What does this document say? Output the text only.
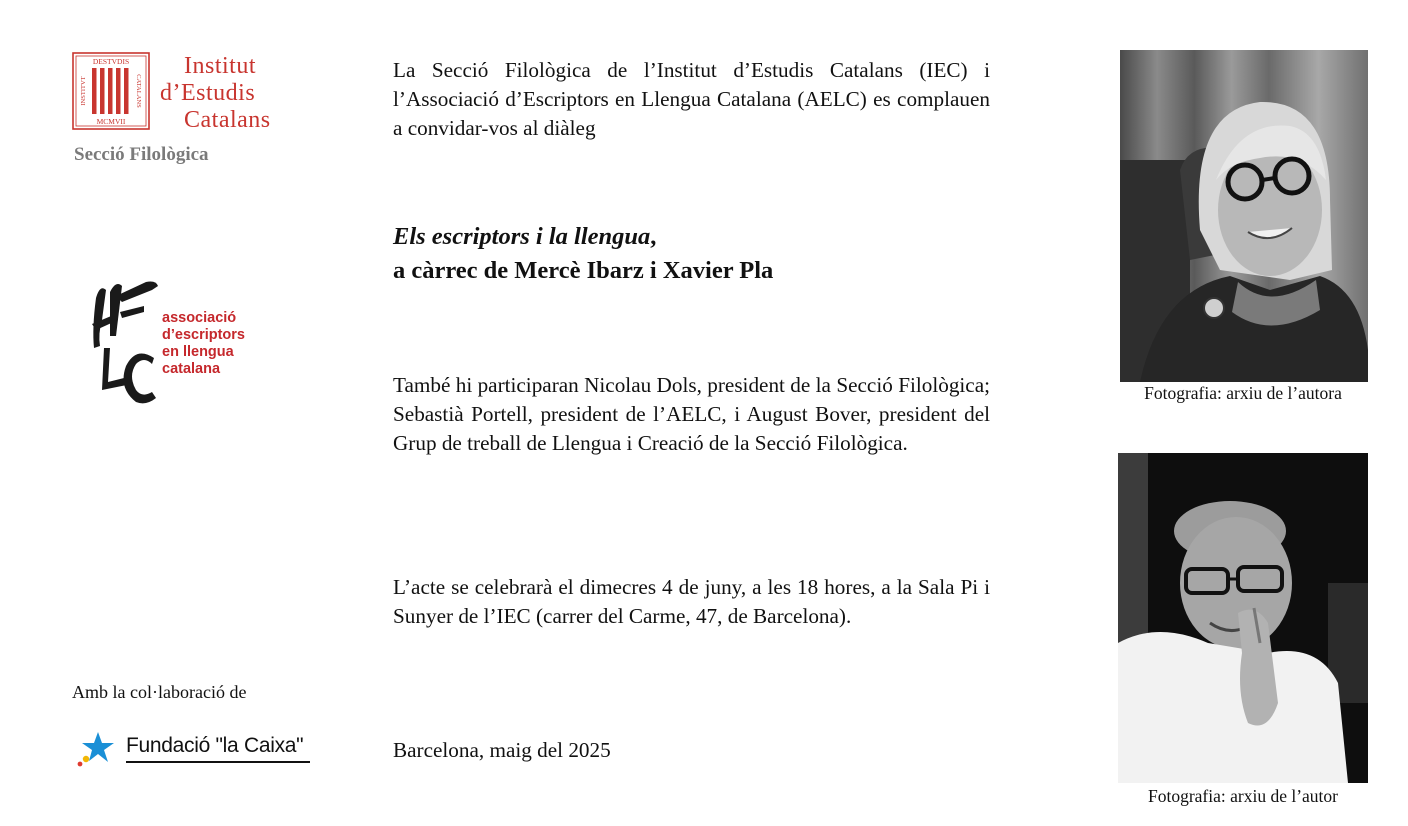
DESTVDIS
MCMVII
INSTITVT	CATALANS
Institut
d’Estudis
Catalans
Secció Filològica
associació
d’escriptors
en llengua
catalana
Amb la col·laboració de
Fundació "la Caixa"
La Secció Filològica de l’Institut d’Estudis Catalans (IEC) i l’Associació d’Escriptors en Llengua Catalana (AELC) es complauen a convidar-vos al diàleg
Els escriptors i la llengua,
a càrrec de Mercè Ibarz i Xavier Pla
També hi participaran Nicolau Dols, president de la Secció Filològica; Sebastià Portell, president de l’AELC, i August Bover, president del Grup de treball de Llengua i Creació de la Secció Filològica.
L’acte se celebrarà el dimecres 4 de juny, a les 18 hores, a la Sala Pi i Sunyer de l’IEC (carrer del Carme, 47, de Barcelona).
Barcelona, maig del 2025
Fotografia: arxiu de l’autora
Fotografia: arxiu de l’autor
